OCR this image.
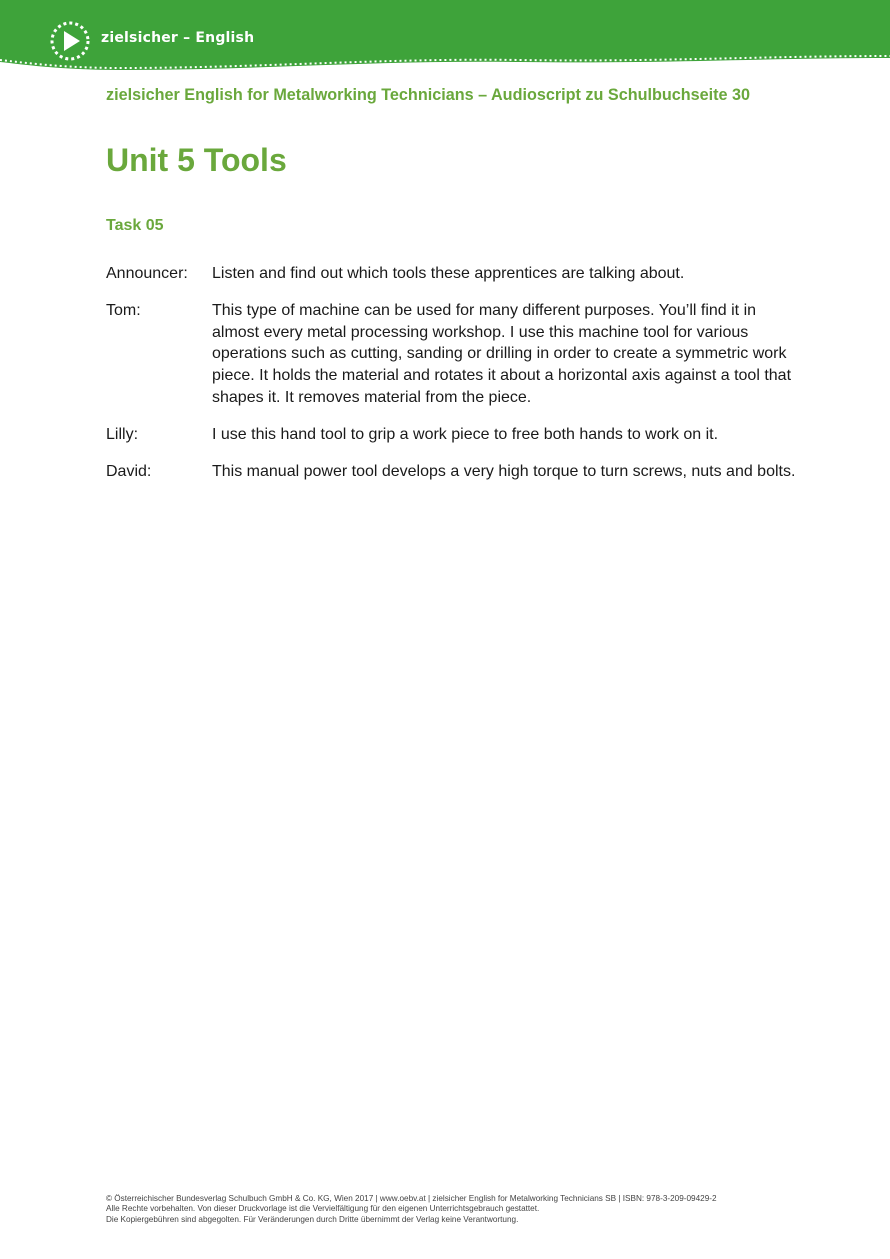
zielsicher – English
zielsicher English for Metalworking Technicians – Audioscript zu Schulbuchseite 30
Unit 5 Tools
Task 05
Announcer:	Listen and find out which tools these apprentices are talking about.
Tom:	This type of machine can be used for many different purposes. You’ll find it in almost every metal processing workshop. I use this machine tool for various operations such as cutting, sanding or drilling in order to create a symmetric work piece. It holds the material and rotates it about a horizontal axis against a tool that shapes it. It removes material from the piece.
Lilly:	I use this hand tool to grip a work piece to free both hands to work on it.
David:	This manual power tool develops a very high torque to turn screws, nuts and bolts.
© Österreichischer Bundesverlag Schulbuch GmbH & Co. KG, Wien 2017 | www.oebv.at | zielsicher English for Metalworking Technicians SB | ISBN: 978-3-209-09429-2
Alle Rechte vorbehalten. Von dieser Druckvorlage ist die Vervielfältigung für den eigenen Unterrichtsgebrauch gestattet.
Die Kopiergebühren sind abgegolten. Für Veränderungen durch Dritte übernimmt der Verlag keine Verantwortung.
